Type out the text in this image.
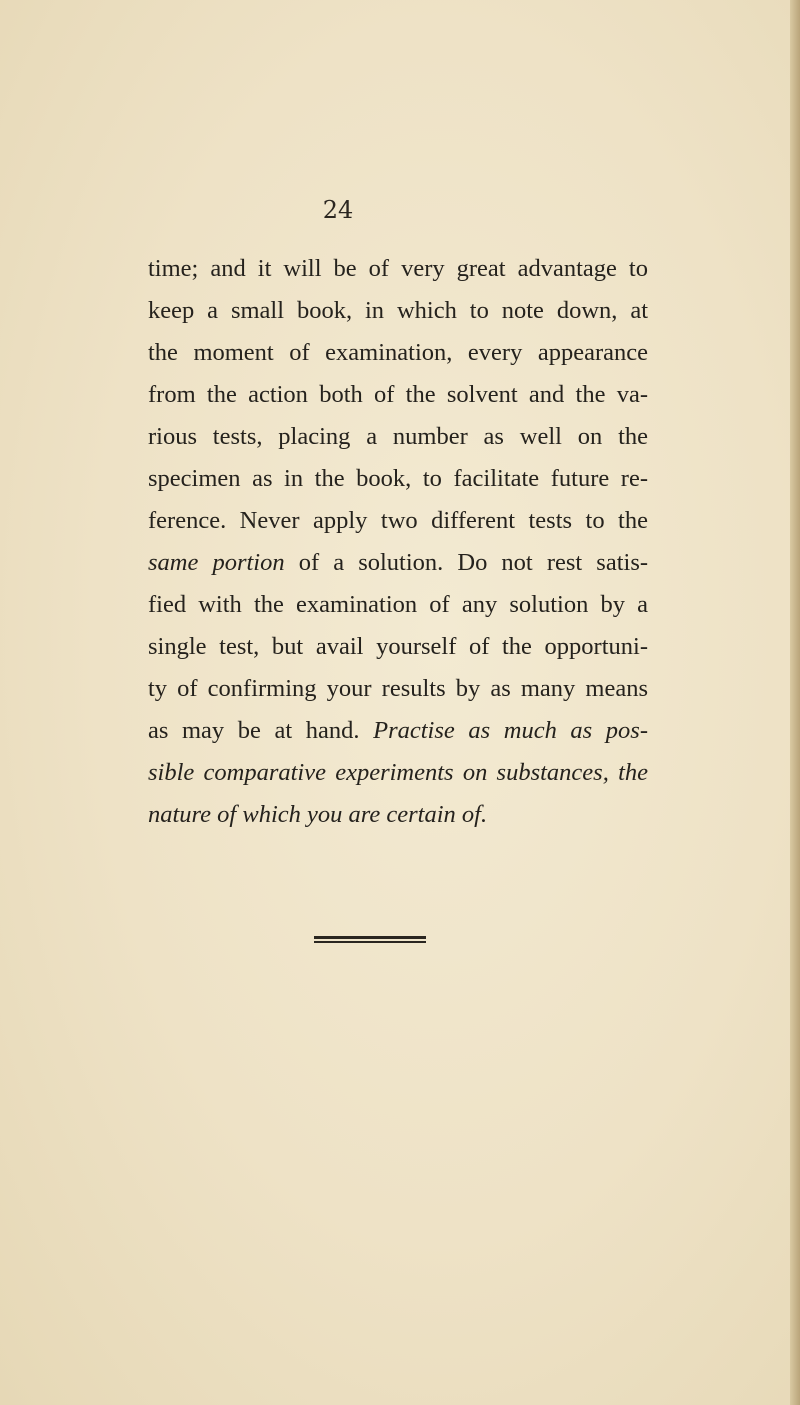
24
time; and it will be of very great advantage to
keep a small book, in which to note down, at
the moment of examination, every appearance
from the action both of the solvent and the va-
rious tests, placing a number as well on the
specimen as in the book, to facilitate future re-
ference. Never apply two different tests to the
same portion of a solution. Do not rest satis-
fied with the examination of any solution by a
single test, but avail yourself of the opportuni-
ty of confirming your results by as many means
as may be at hand. Practise as much as pos-
sible comparative experiments on substances, the
nature of which you are certain of.
